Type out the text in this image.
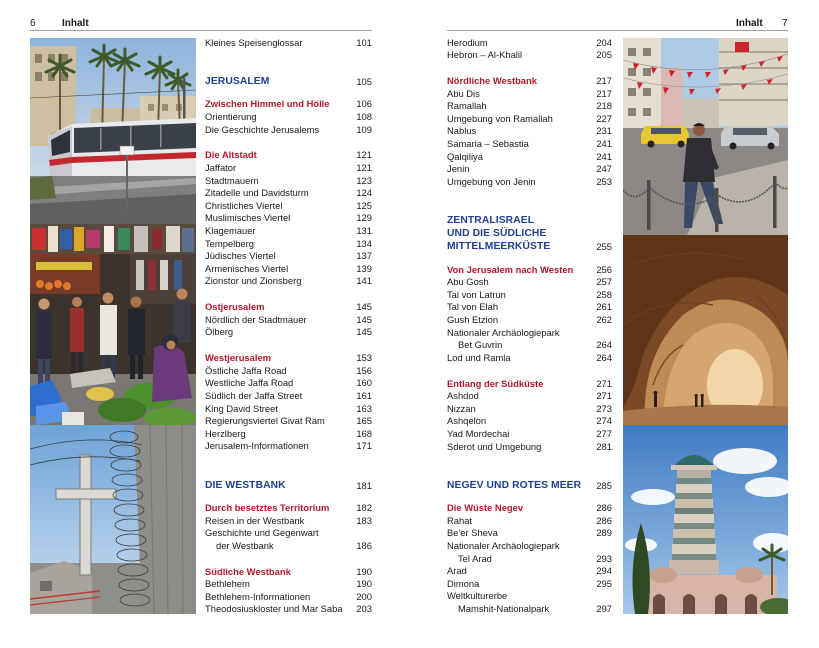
6	Inhalt	Inhalt 7
Kleines Speisenglossar	101
JERUSALEM	105
Zwischen Himmel und Hölle	106
Orientierung	108
Die Geschichte Jerusalems	109
Die Altstadt	121
Jaffator	121
Stadtmauern	123
Zitadelle und Davidsturm	124
Christliches Viertel	125
Muslimisches Viertel	129
Klagemauer	131
Tempelberg	134
Jüdisches Viertel	137
Armenisches Viertel	139
Zionstor und Zionsberg	141
Ostjerusalem	145
Nördlich der Stadtmauer	145
Ölberg	145
Westjerusalem	153
Östliche Jaffa Road	156
Westliche Jaffa Road	160
Südlich der Jaffa Street	161
King David Street	163
Regierungsviertel Givat Ram	165
Herzlberg	168
Jerusalem-Informationen	171
DIE WESTBANK	181
Durch besetztes Territorium	182
Reisen in der Westbank	183
Geschichte und Gegenwart
der Westbank	186
Südliche Westbank	190
Bethlehem	190
Bethlehem-Informationen	200
Theodosiuskloster und Mar Saba 203
Herodium	204
Hebron – Al-Khalil	205
Nördliche Westbank	217
Abu Dis	217
Ramallah	218
Umgebung von Ramallah	227
Nablus	231
Samaria – Sebastia	241
Qalqiliya	241
Jenin	247
Umgebung von Jenin	253
ZENTRALISRAEL
UND DIE SÜDLICHE
MITTELMEERKÜSTE	255
Von Jerusalem nach Westen 256
Abu Gosh	257
Tal von Latrun	258
Tal von Elah	261
Gush Etzion	262
Nationaler Archäologiepark
Bet Guvrin	264
Lod und Ramla	264
Entlang der Südküste	271
Ashdod	271
Nizzan	273
Ashqelon	274
Yad Mordechai	277
Sderot und Umgebung	281
NEGEV UND ROTES MEER 285
Die Wüste Negev	286
Rahat	286
Be'er Sheva	289
Nationaler Archäologiepark
Tel Arad	293
Arad	294
Dimona	295
Weltkulturerbe
Mamshit-Nationalpark	297
